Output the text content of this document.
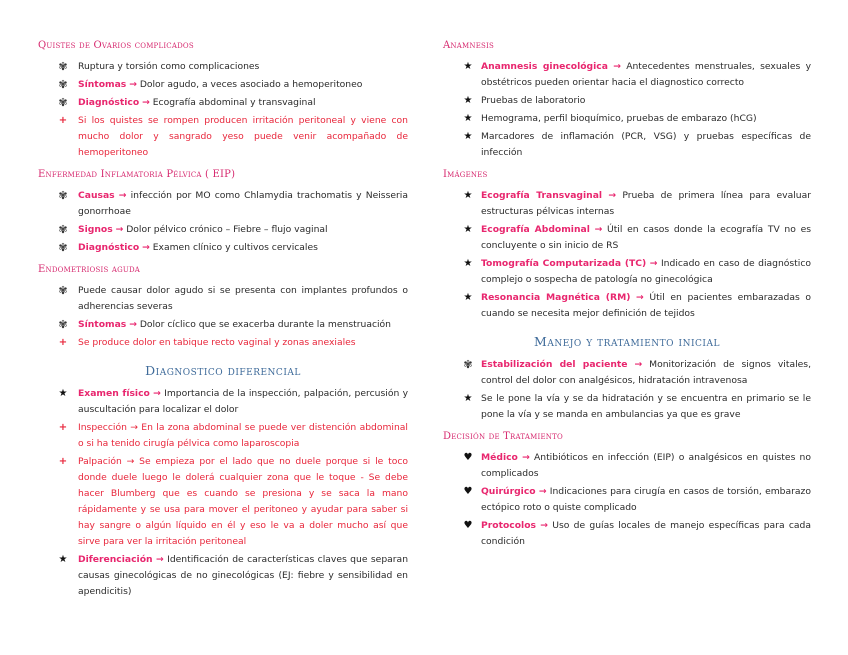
Quistes de Ovarios complicados
✾ Ruptura y torsión como complicaciones
✾ Síntomas → Dolor agudo, a veces asociado a hemoperitoneo
✾ Diagnóstico → Ecografía abdominal y transvaginal
+	Si los quistes se rompen producen irritación peritoneal y viene con mucho dolor y sangrado yeso puede venir acompañado de hemoperitoneo
Enfermedad Inflamatoria Pélvica ( EIP)
✾ Causas → infección por MO como Chlamydia trachomatis y Neisseria gonorrhoae
✾ Signos → Dolor pélvico crónico – Fiebre – flujo vaginal
✾ Diagnóstico → Examen clínico y cultivos cervicales
Endometriosis aguda
✾ Puede causar dolor agudo si se presenta con implantes profundos o adherencias severas
✾ Síntomas → Dolor cíclico que se exacerba durante la menstruación
+	Se produce dolor en tabique recto vaginal y zonas anexiales
Diagnostico diferencial
★ Examen físico → Importancia de la inspección, palpación, percusión y auscultación para localizar el dolor
+	Inspección → En la zona abdominal se puede ver distención abdominal o si ha tenido cirugía pélvica como laparoscopia
+	Palpación → Se empieza por el lado que no duele porque si le toco donde duele luego le dolerá cualquier zona que le toque - Se debe hacer Blumberg que es cuando se presiona y se saca la mano rápidamente y se usa para mover el peritoneo y ayudar para saber si hay sangre o algún líquido en él y eso le va a doler mucho así que sirve para ver la irritación peritoneal
★ Diferenciación → Identificación de características claves que separan causas ginecológicas de no ginecológicas (EJ: fiebre y sensibilidad en apendicitis)
Anamnesis
★ Anamnesis ginecológica → Antecedentes menstruales, sexuales y obstétricos pueden orientar hacia el diagnostico correcto
★ Pruebas de laboratorio
★ Hemograma, perfil bioquímico, pruebas de embarazo (hCG)
★ Marcadores de inflamación (PCR, VSG) y pruebas específicas de infección
Imágenes
★ Ecografía Transvaginal → Prueba de primera línea para evaluar estructuras pélvicas internas
★ Ecografía Abdominal → Útil en casos donde la ecografía TV no es concluyente o sin inicio de RS
★ Tomografía Computarizada (TC) → Indicado en caso de diagnóstico complejo o sospecha de patología no ginecológica
★ Resonancia Magnética (RM) → Útil en pacientes embarazadas o cuando se necesita mejor definición de tejidos
Manejo y tratamiento inicial
✾ Estabilización del paciente → Monitorización de signos vitales, control del dolor con analgésicos, hidratación intravenosa
★ Se le pone la vía y se da hidratación y se encuentra en primario se le pone la vía y se manda en ambulancias ya que es grave
Decisión de Tratamiento
♥ Médico → Antibióticos en infección (EIP) o analgésicos en quistes no complicados
♥ Quirúrgico → Indicaciones para cirugía en casos de torsión, embarazo ectópico roto o quiste complicado
♥ Protocolos → Uso de guías locales de manejo específicas para cada condición
